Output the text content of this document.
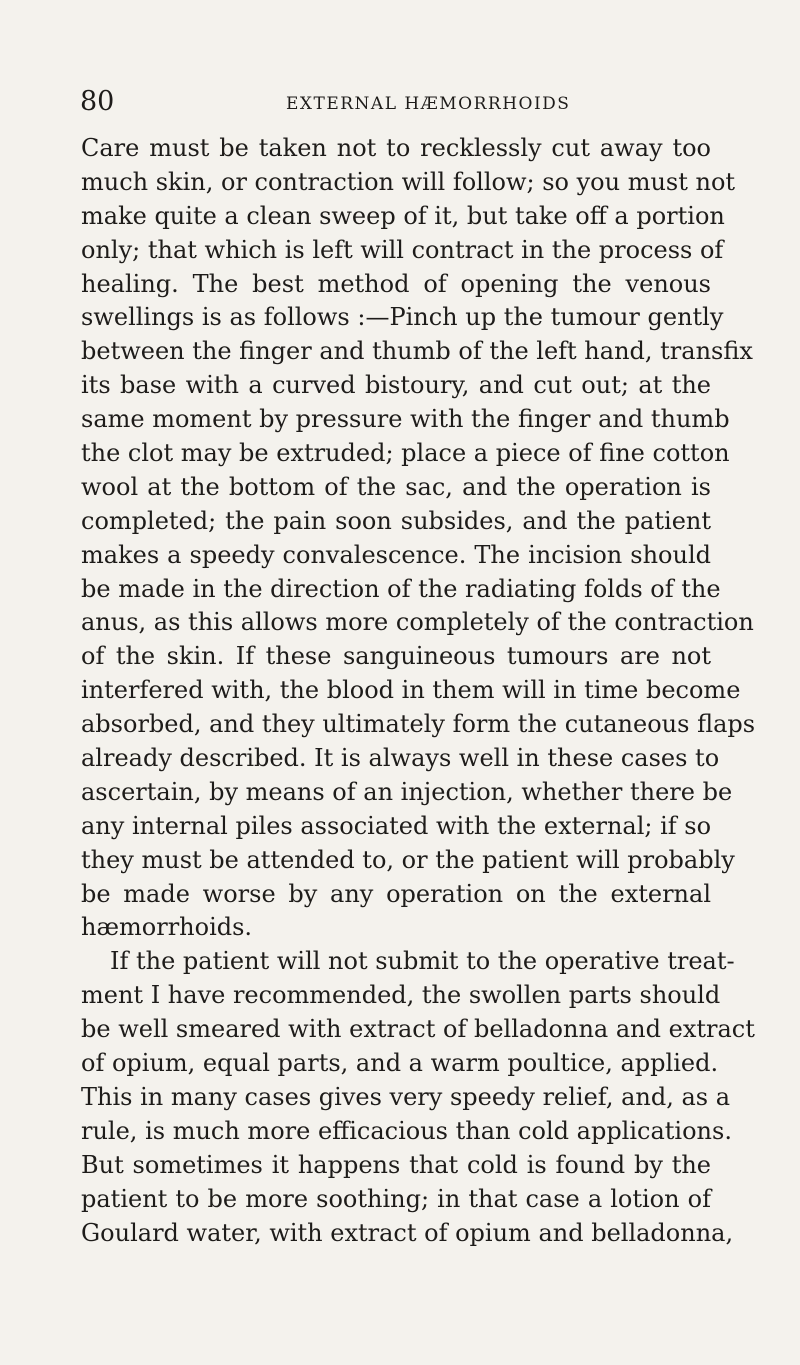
80	EXTERNAL HÆMORRHOIDS
Care must be taken not to recklessly cut away too
much skin, or contraction will follow; so you must not
make quite a clean sweep of it, but take off a portion
only; that which is left will contract in the process of
healing. The best method of opening the venous
swellings is as follows :—Pinch up the tumour gently
between the finger and thumb of the left hand, transfix
its base with a curved bistoury, and cut out; at the
same moment by pressure with the finger and thumb
the clot may be extruded; place a piece of fine cotton
wool at the bottom of the sac, and the operation is
completed; the pain soon subsides, and the patient
makes a speedy convalescence. The incision should
be made in the direction of the radiating folds of the
anus, as this allows more completely of the contraction
of the skin. If these sanguineous tumours are not
interfered with, the blood in them will in time become
absorbed, and they ultimately form the cutaneous flaps
already described. It is always well in these cases to
ascertain, by means of an injection, whether there be
any internal piles associated with the external; if so
they must be attended to, or the patient will probably
be made worse by any operation on the external
hæmorrhoids.
If the patient will not submit to the operative treat-
ment I have recommended, the swollen parts should
be well smeared with extract of belladonna and extract
of opium, equal parts, and a warm poultice, applied.
This in many cases gives very speedy relief, and, as a
rule, is much more efficacious than cold applications.
But sometimes it happens that cold is found by the
patient to be more soothing; in that case a lotion of
Goulard water, with extract of opium and belladonna,
